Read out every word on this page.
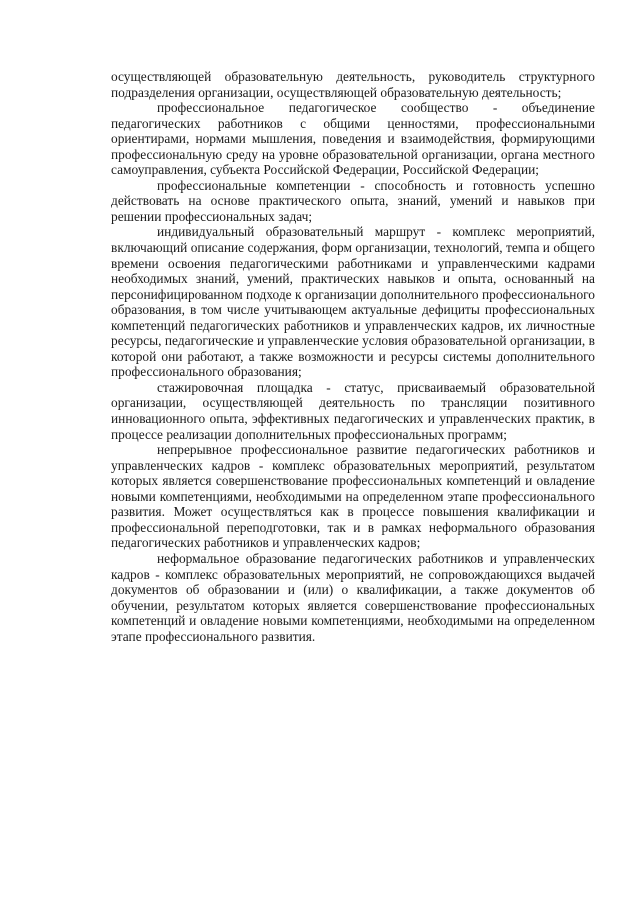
осуществляющей образовательную деятельность, руководитель структурного подразделения организации, осуществляющей образовательную деятельность;

профессиональное педагогическое сообщество - объединение педагогических работников с общими ценностями, профессиональными ориентирами, нормами мышления, поведения и взаимодействия, формирующими профессиональную среду на уровне образовательной организации, органа местного самоуправления, субъекта Российской Федерации, Российской Федерации;

профессиональные компетенции - способность и готовность успешно действовать на основе практического опыта, знаний, умений и навыков при решении профессиональных задач;

индивидуальный образовательный маршрут - комплекс мероприятий, включающий описание содержания, форм организации, технологий, темпа и общего времени освоения педагогическими работниками и управленческими кадрами необходимых знаний, умений, практических навыков и опыта, основанный на персонифицированном подходе к организации дополнительного профессионального образования, в том числе учитывающем актуальные дефициты профессиональных компетенций педагогических работников и управленческих кадров, их личностные ресурсы, педагогические и управленческие условия образовательной организации, в которой они работают, а также возможности и ресурсы системы дополнительного профессионального образования;

стажировочная площадка - статус, присваиваемый образовательной организации, осуществляющей деятельность по трансляции позитивного инновационного опыта, эффективных педагогических и управленческих практик, в процессе реализации дополнительных профессиональных программ;

непрерывное профессиональное развитие педагогических работников и управленческих кадров - комплекс образовательных мероприятий, результатом которых является совершенствование профессиональных компетенций и овладение новыми компетенциями, необходимыми на определенном этапе профессионального развития. Может осуществляться как в процессе повышения квалификации и профессиональной переподготовки, так и в рамках неформального образования педагогических работников и управленческих кадров;

неформальное образование педагогических работников и управленческих кадров - комплекс образовательных мероприятий, не сопровождающихся выдачей документов об образовании и (или) о квалификации, а также документов об обучении, результатом которых является совершенствование профессиональных компетенций и овладение новыми компетенциями, необходимыми на определенном этапе профессионального развития.
